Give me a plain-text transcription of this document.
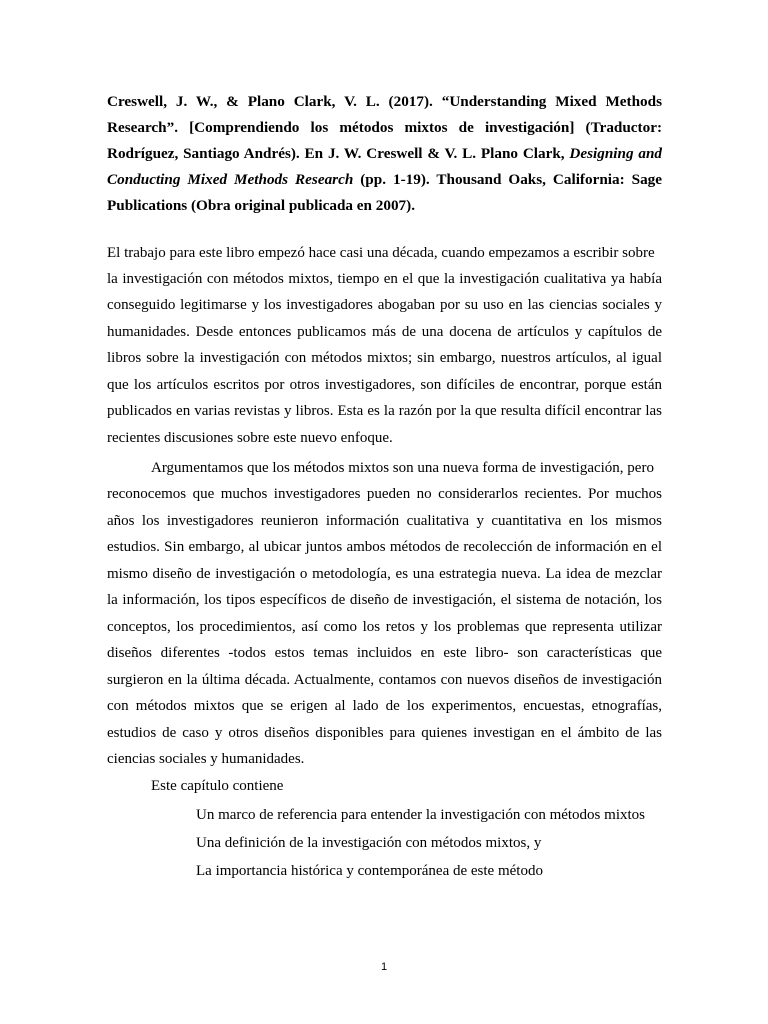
Creswell, J. W., & Plano Clark, V. L. (2017). “Understanding Mixed Methods
Research”. [Comprendiendo los métodos mixtos de investigación] (Traductor:
Rodríguez, Santiago Andrés). En J. W. Creswell & V. L. Plano Clark, Designing and
Conducting Mixed Methods Research (pp. 1-19). Thousand Oaks, California: Sage
Publications (Obra original publicada en 2007).
El trabajo para este libro empezó hace casi una década, cuando empezamos a escribir sobre
la investigación con métodos mixtos, tiempo en el que la investigación cualitativa ya había
conseguido legitimarse y los investigadores abogaban por su uso en las ciencias sociales y
humanidades. Desde entonces publicamos más de una docena de artículos y capítulos de
libros sobre la investigación con métodos mixtos; sin embargo, nuestros artículos, al igual
que los artículos escritos por otros investigadores, son difíciles de encontrar, porque están
publicados en varias revistas y libros. Esta es la razón por la que resulta difícil encontrar las
recientes discusiones sobre este nuevo enfoque.
Argumentamos que los métodos mixtos son una nueva forma de investigación, pero
reconocemos que muchos investigadores pueden no considerarlos recientes. Por muchos
años los investigadores reunieron información cualitativa y cuantitativa en los mismos
estudios. Sin embargo, al ubicar juntos ambos métodos de recolección de información en el
mismo diseño de investigación o metodología, es una estrategia nueva. La idea de mezclar
la información, los tipos específicos de diseño de investigación, el sistema de notación, los
conceptos, los procedimientos, así como los retos y los problemas que representa utilizar
diseños diferentes -todos estos temas incluidos en este libro- son características que
surgieron en la última década. Actualmente, contamos con nuevos diseños de investigación
con métodos mixtos que se erigen al lado de los experimentos, encuestas, etnografías,
estudios de caso y otros diseños disponibles para quienes investigan en el ámbito de las
ciencias sociales y humanidades.
Este capítulo contiene
Un marco de referencia para entender la investigación con métodos mixtos
Una definición de la investigación con métodos mixtos, y
La importancia histórica y contemporánea de este método
1
